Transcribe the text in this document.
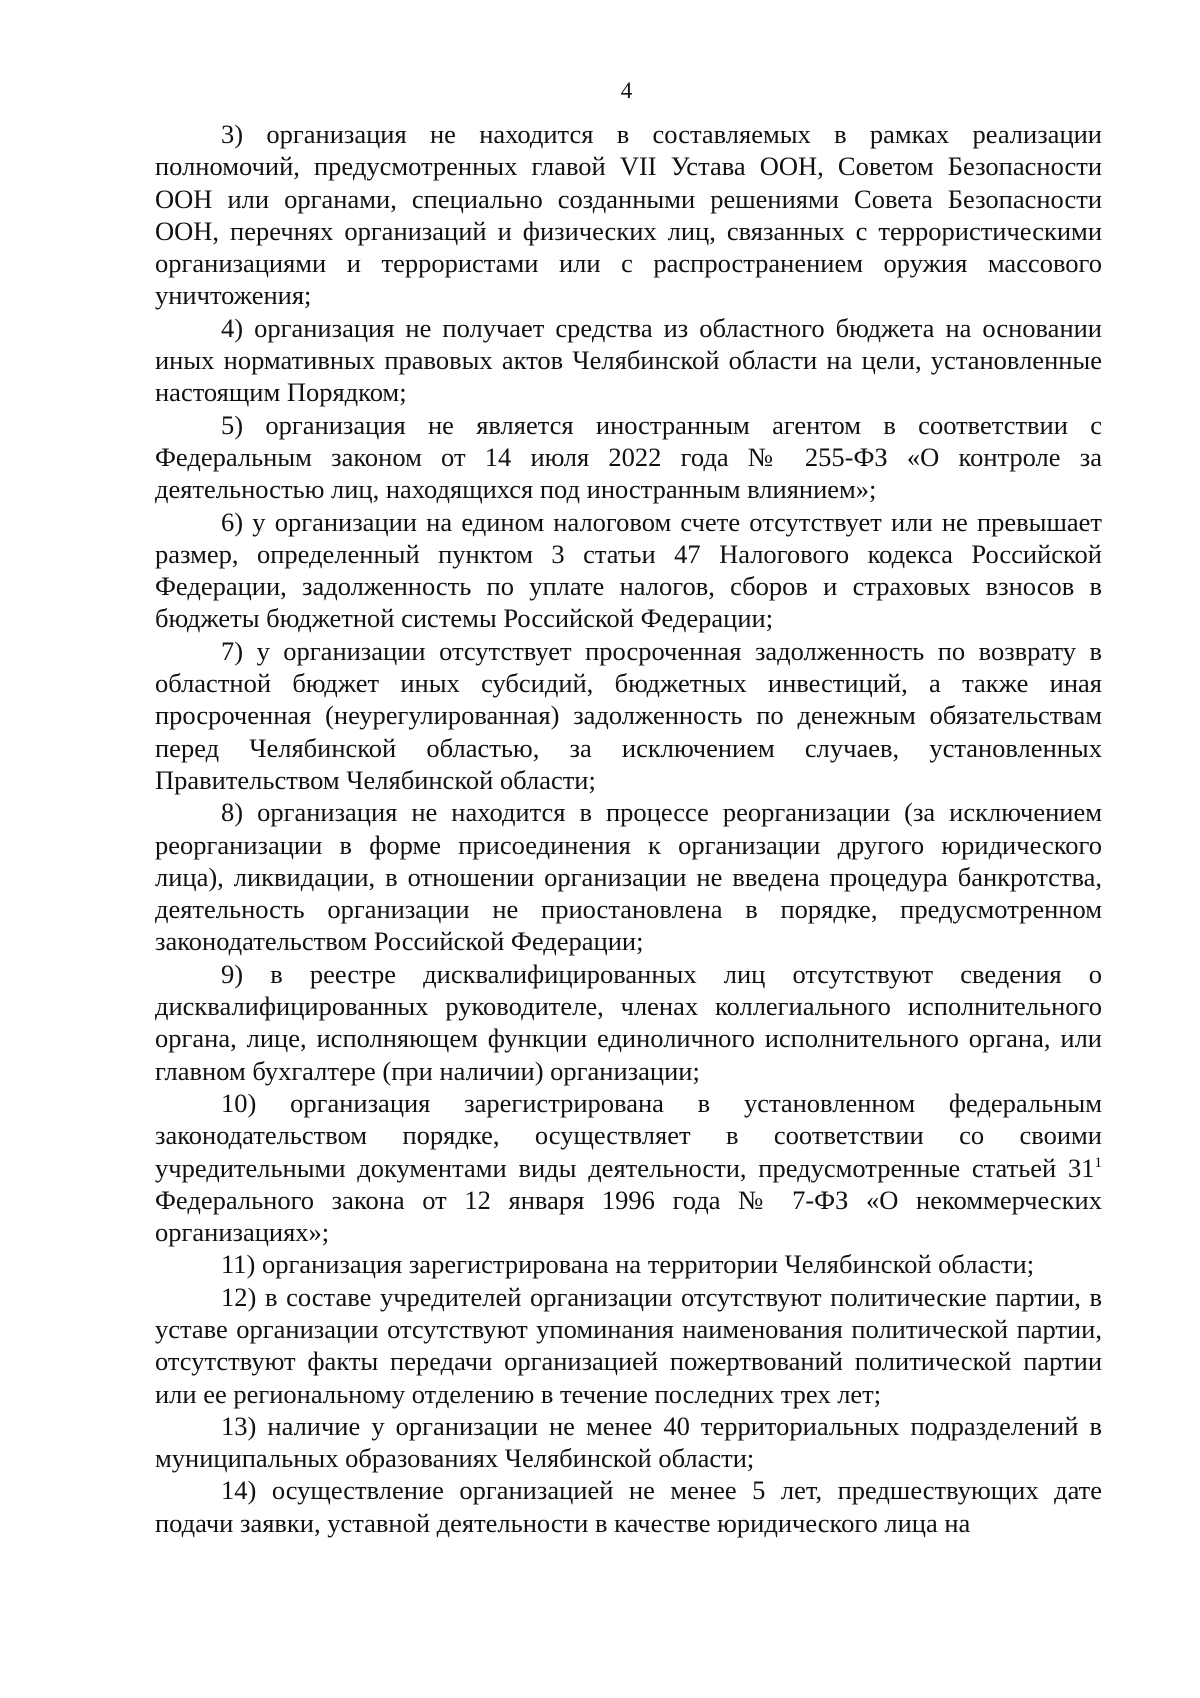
4

3) организация не находится в составляемых в рамках реализации полномочий, предусмотренных главой VII Устава ООН, Советом Безопасности ООН или органами, специально созданными решениями Совета Безопасности ООН, перечнях организаций и физических лиц, связанных с террористическими организациями и террористами или с распространением оружия массового уничтожения;

4) организация не получает средства из областного бюджета на основании иных нормативных правовых актов Челябинской области на цели, установленные настоящим Порядком;

5) организация не является иностранным агентом в соответствии с Федеральным законом от 14 июля 2022 года № 255-ФЗ «О контроле за деятельностью лиц, находящихся под иностранным влиянием»;

6) у организации на едином налоговом счете отсутствует или не превышает размер, определенный пунктом 3 статьи 47 Налогового кодекса Российской Федерации, задолженность по уплате налогов, сборов и страховых взносов в бюджеты бюджетной системы Российской Федерации;

7) у организации отсутствует просроченная задолженность по возврату в областной бюджет иных субсидий, бюджетных инвестиций, а также иная просроченная (неурегулированная) задолженность по денежным обязательствам перед Челябинской областью, за исключением случаев, установленных Правительством Челябинской области;

8) организация не находится в процессе реорганизации (за исключением реорганизации в форме присоединения к организации другого юридического лица), ликвидации, в отношении организации не введена процедура банкротства, деятельность организации не приостановлена в порядке, предусмотренном законодательством Российской Федерации;

9) в реестре дисквалифицированных лиц отсутствуют сведения о дисквалифицированных руководителе, членах коллегиального исполнительного органа, лице, исполняющем функции единоличного исполнительного органа, или главном бухгалтере (при наличии) организации;

10) организация зарегистрирована в установленном федеральным законодательством порядке, осуществляет в соответствии со своими учредительными документами виды деятельности, предусмотренные статьей $31^1$ Федерального закона от 12 января 1996 года № 7-ФЗ «О некоммерческих организациях»;

11) организация зарегистрирована на территории Челябинской области;

12) в составе учредителей организации отсутствуют политические партии, в уставе организации отсутствуют упоминания наименования политической партии, отсутствуют факты передачи организацией пожертвований политической партии или ее региональному отделению в течение последних трех лет;

13) наличие у организации не менее 40 территориальных подразделений в муниципальных образованиях Челябинской области;

14) осуществление организацией не менее 5 лет, предшествующих дате подачи заявки, уставной деятельности в качестве юридического лица на
